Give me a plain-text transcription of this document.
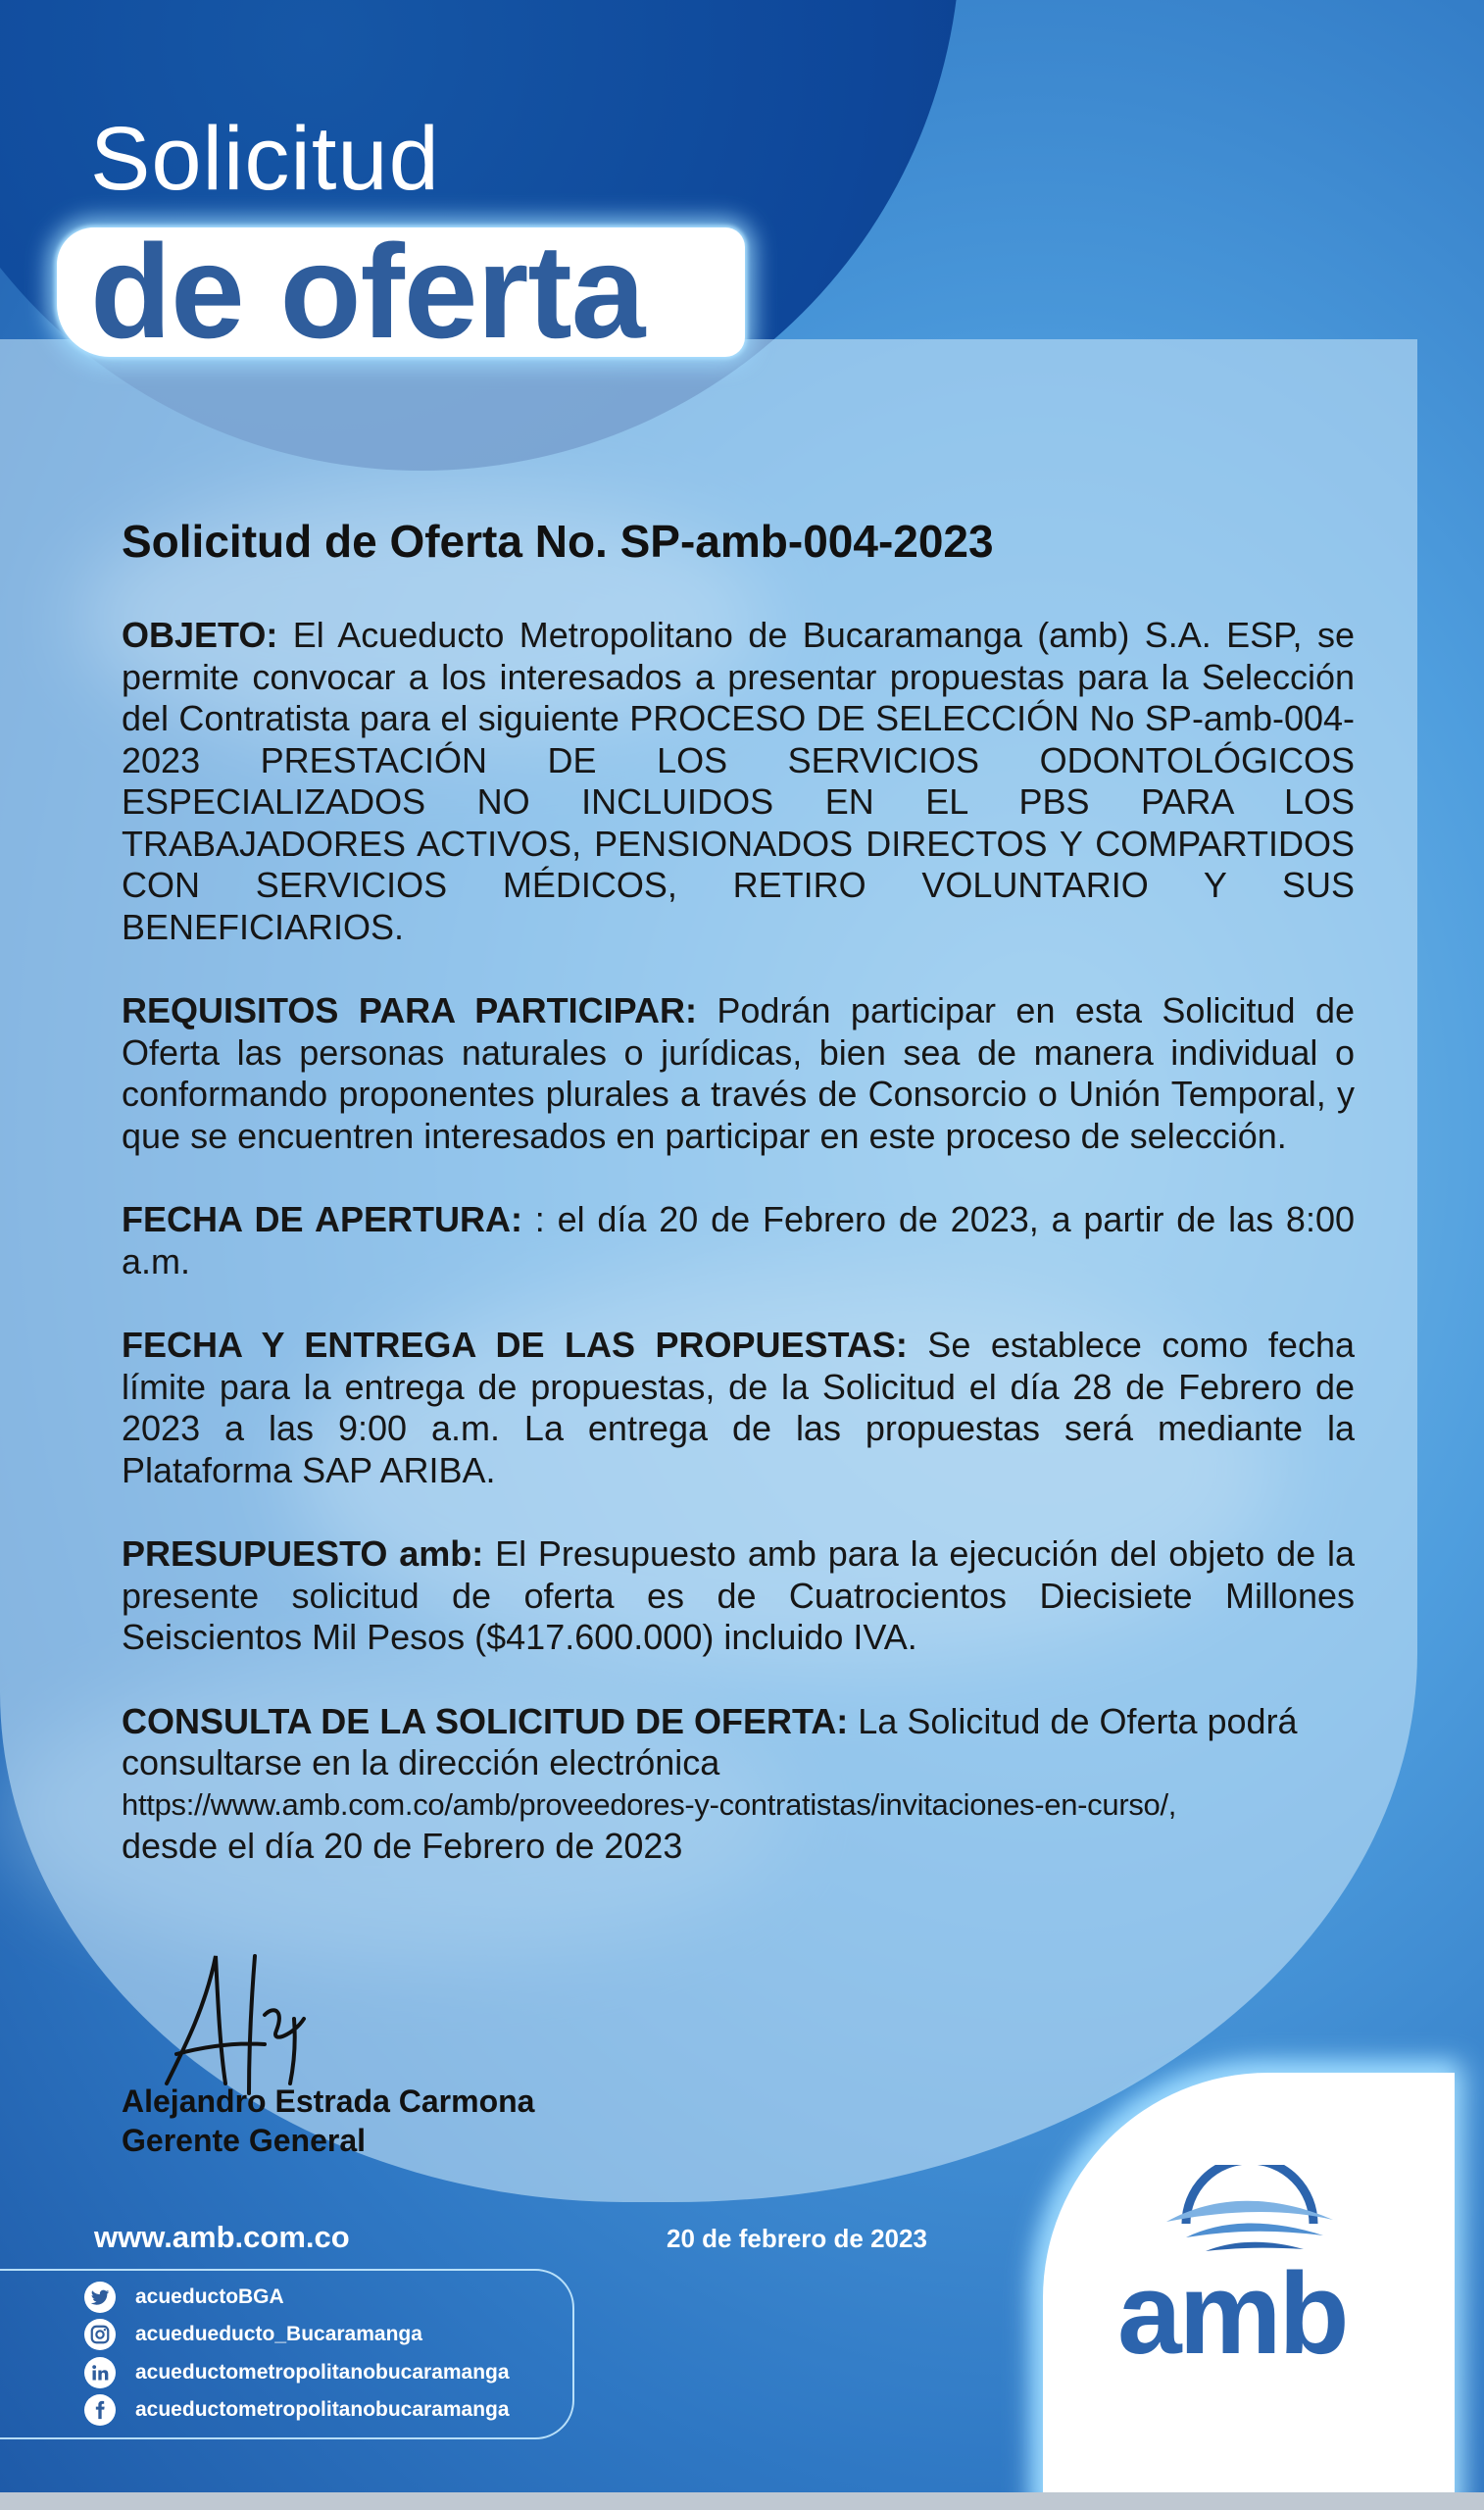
Solicitud
de oferta
Solicitud de Oferta No. SP-amb-004-2023

OBJETO: El Acueducto Metropolitano de Bucaramanga (amb) S.A. ESP, se permite convocar a los interesados a presentar propuestas para la Selección del Contratista para el siguiente PROCESO DE SELECCIÓN No SP-amb-004-2023 PRESTACIÓN DE LOS SERVICIOS ODONTOLÓGICOS ESPECIALIZADOS NO INCLUIDOS EN EL PBS PARA LOS TRABAJADORES ACTIVOS, PENSIONADOS DIRECTOS Y COMPARTIDOS CON SERVICIOS MÉDICOS, RETIRO VOLUNTARIO Y SUS BENEFICIARIOS.

REQUISITOS PARA PARTICIPAR: Podrán participar en esta Solicitud de Oferta las personas naturales o jurídicas, bien sea de manera individual o conformando proponentes plurales a través de Consorcio o Unión Temporal, y que se encuentren interesados en participar en este proceso de selección.

FECHA DE APERTURA: : el día 20 de Febrero de 2023, a partir de las 8:00 a.m.

FECHA Y ENTREGA DE LAS PROPUESTAS: Se establece como fecha límite para la entrega de propuestas, de la Solicitud el día 28 de Febrero de 2023 a las 9:00 a.m. La entrega de las propuestas será mediante la Plataforma SAP ARIBA.

PRESUPUESTO amb: El Presupuesto amb para la ejecución del objeto de la presente solicitud de oferta es de Cuatrocientos Diecisiete Millones Seiscientos Mil Pesos ($417.600.000) incluido IVA.

CONSULTA DE LA SOLICITUD DE OFERTA: La Solicitud de Oferta podrá consultarse en la dirección electrónica
https://www.amb.com.co/amb/proveedores-y-contratistas/invitaciones-en-curso/,
desde el día 20 de Febrero de 2023

Alejandro Estrada Carmona
Gerente General
www.amb.com.co	20 de febrero de 2023
acueductoBGA
acuedueducto_Bucaramanga
acueductometropolitanobucaramanga
acueductometropolitanobucaramanga
amb
